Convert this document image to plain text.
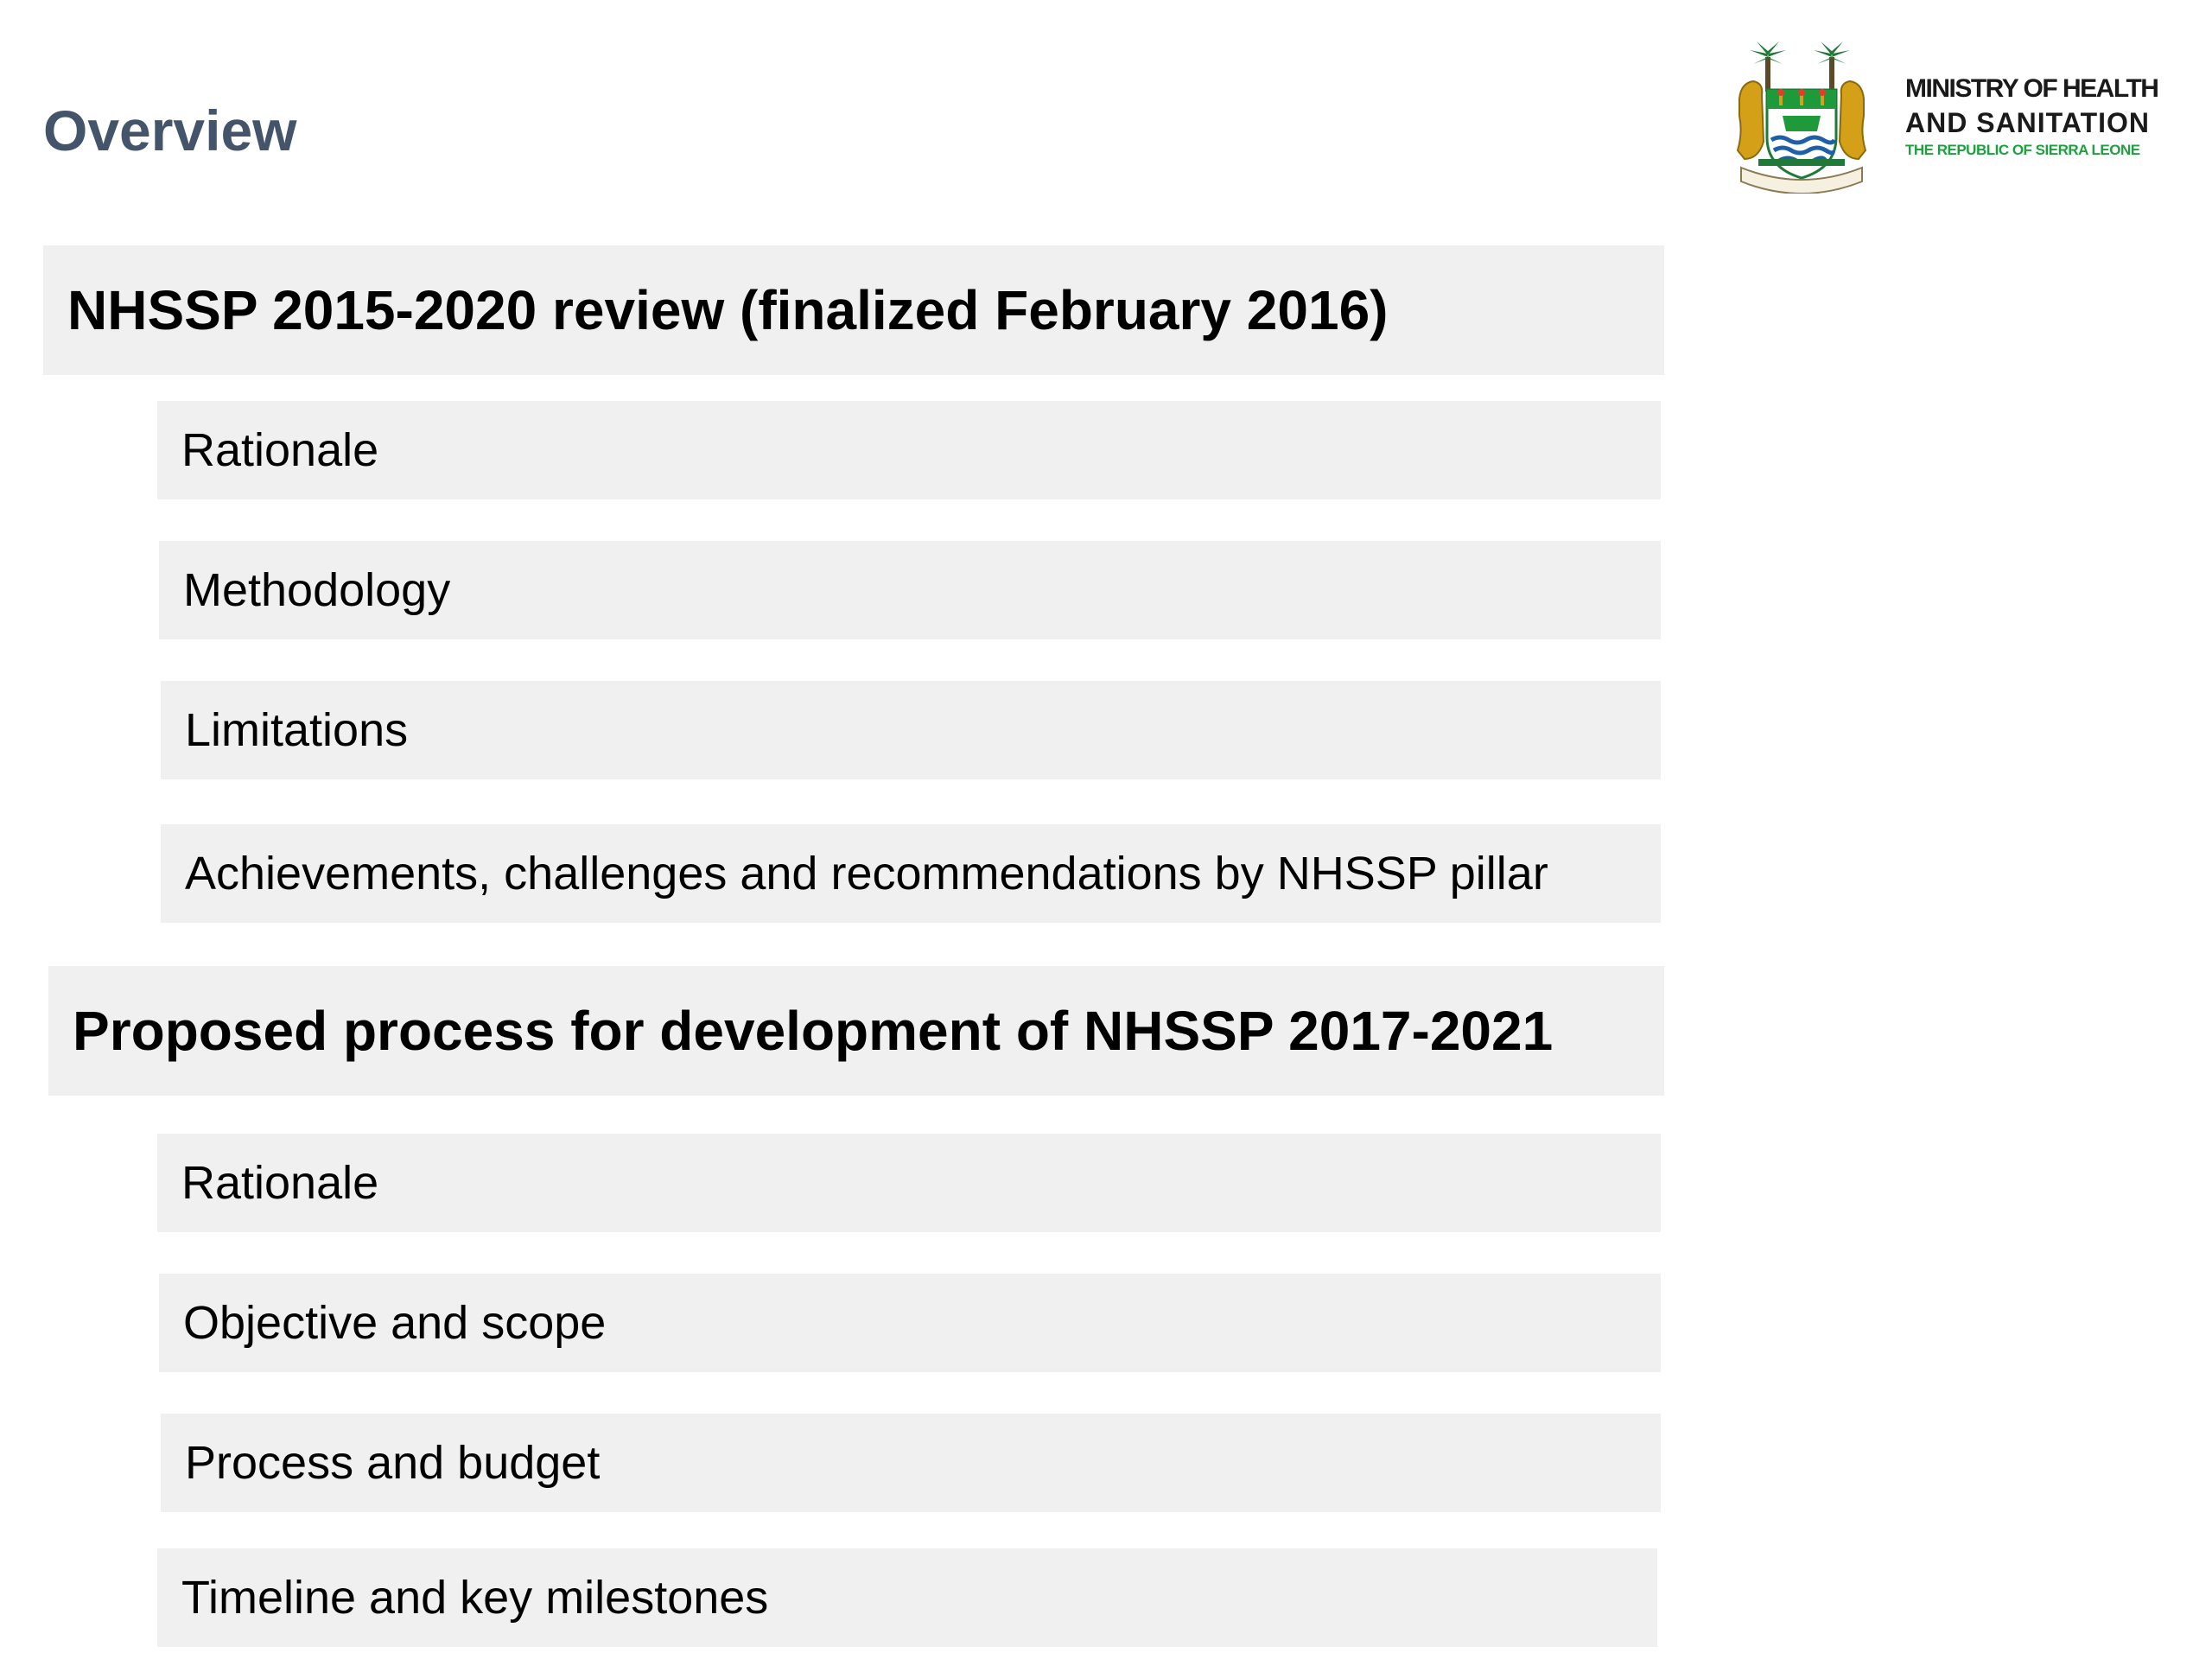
Overview
MINISTRY OF HEALTH
AND SANITATION
THE REPUBLIC OF SIERRA LEONE
NHSSP 2015-2020 review (finalized February 2016)
Rationale
Methodology
Limitations
Achievements, challenges and recommendations by NHSSP pillar
Proposed process for development of NHSSP 2017-2021
Rationale
Objective and scope
Process and budget
Timeline and key milestones
